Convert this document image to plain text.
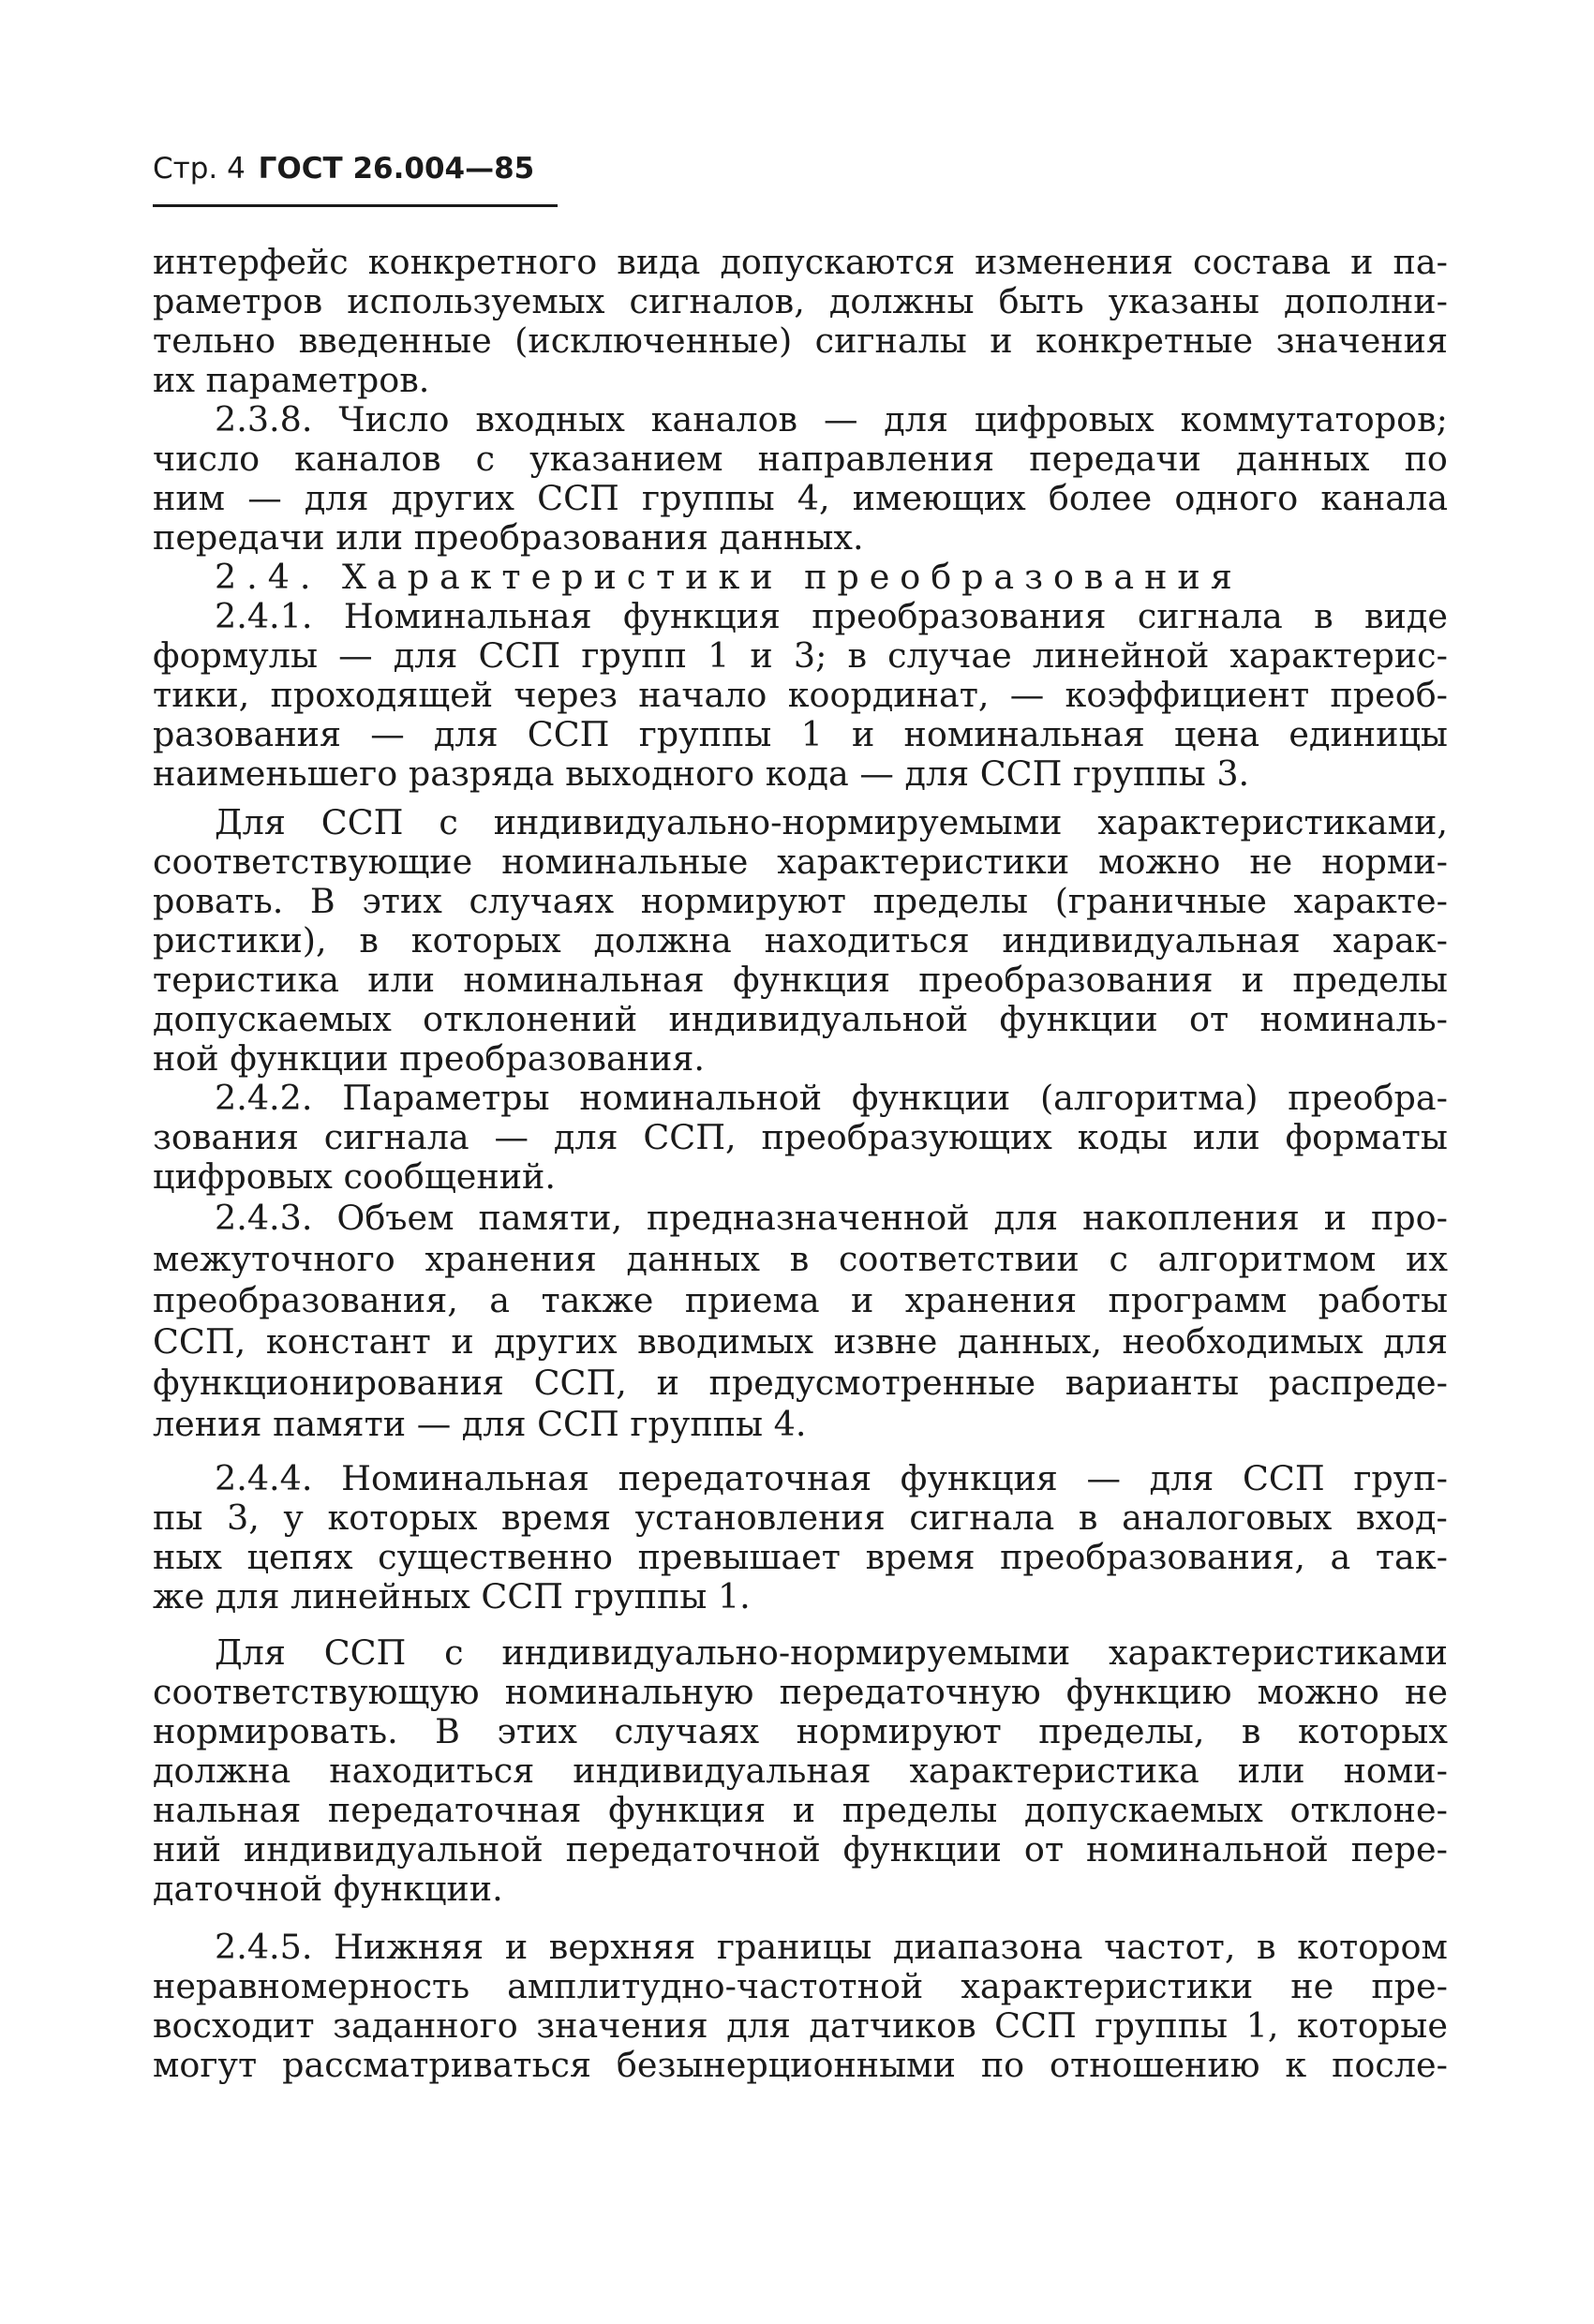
Стр. 4 ГОСТ 26.004—85
интерфейс конкретного вида допускаются изменения состава и па-
раметров используемых сигналов, должны быть указаны дополни-
тельно введенные (исключенные) сигналы и конкретные значения
их параметров.
2.3.8. Число входных каналов — для цифровых коммутаторов;
число каналов с указанием направления передачи данных по
ним — для других ССП группы 4, имеющих более одного канала
передачи или преобразования данных.
2.4. Характеристики преобразования
2.4.1. Номинальная функция преобразования сигнала в виде
формулы — для ССП групп 1 и 3; в случае линейной характерис-
тики, проходящей через начало координат, — коэффициент преоб-
разования — для ССП группы 1 и номинальная цена единицы
наименьшего разряда выходного кода — для ССП группы 3.
Для ССП с индивидуально-нормируемыми характеристиками,
соответствующие номинальные характеристики можно не норми-
ровать. В этих случаях нормируют пределы (граничные характе-
ристики), в которых должна находиться индивидуальная харак-
теристика или номинальная функция преобразования и пределы
допускаемых отклонений индивидуальной функции от номиналь-
ной функции преобразования.
2.4.2. Параметры номинальной функции (алгоритма) преобра-
зования сигнала — для ССП, преобразующих коды или форматы
цифровых сообщений.
2.4.3. Объем памяти, предназначенной для накопления и про-
межуточного хранения данных в соответствии с алгоритмом их
преобразования, а также приема и хранения программ работы
ССП, констант и других вводимых извне данных, необходимых для
функционирования ССП, и предусмотренные варианты распреде-
ления памяти — для ССП группы 4.
2.4.4. Номинальная передаточная функция — для ССП груп-
пы 3, у которых время установления сигнала в аналоговых вход-
ных цепях существенно превышает время преобразования, а так-
же для линейных ССП группы 1.
Для ССП с индивидуально-нормируемыми характеристиками
соответствующую номинальную передаточную функцию можно не
нормировать. В этих случаях нормируют пределы, в которых
должна находиться индивидуальная характеристика или номи-
нальная передаточная функция и пределы допускаемых отклоне-
ний индивидуальной передаточной функции от номинальной пере-
даточной функции.
2.4.5. Нижняя и верхняя границы диапазона частот, в котором
неравномерность амплитудно-частотной характеристики не пре-
восходит заданного значения для датчиков ССП группы 1, которые
могут рассматриваться безынерционными по отношению к после-
